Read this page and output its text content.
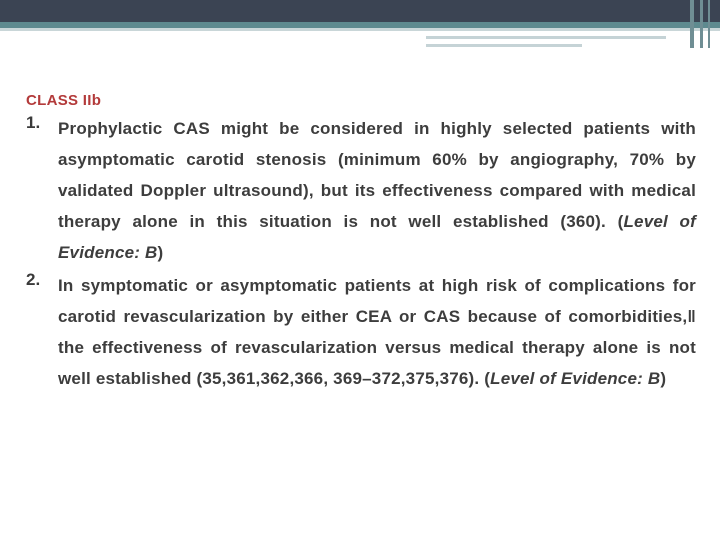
CLASS IIb
1. Prophylactic CAS might be considered in highly selected patients with asymptomatic carotid stenosis (minimum 60% by angiography, 70% by validated Doppler ultrasound), but its effectiveness compared with medical therapy alone in this situation is not well established (360). (Level of Evidence: B)
2. In symptomatic or asymptomatic patients at high risk of complications for carotid revascularization by either CEA or CAS because of comorbidities,‖ the effectiveness of revascularization versus medical therapy alone is not well established (35,361,362,366, 369–372,375,376). (Level of Evidence: B)
